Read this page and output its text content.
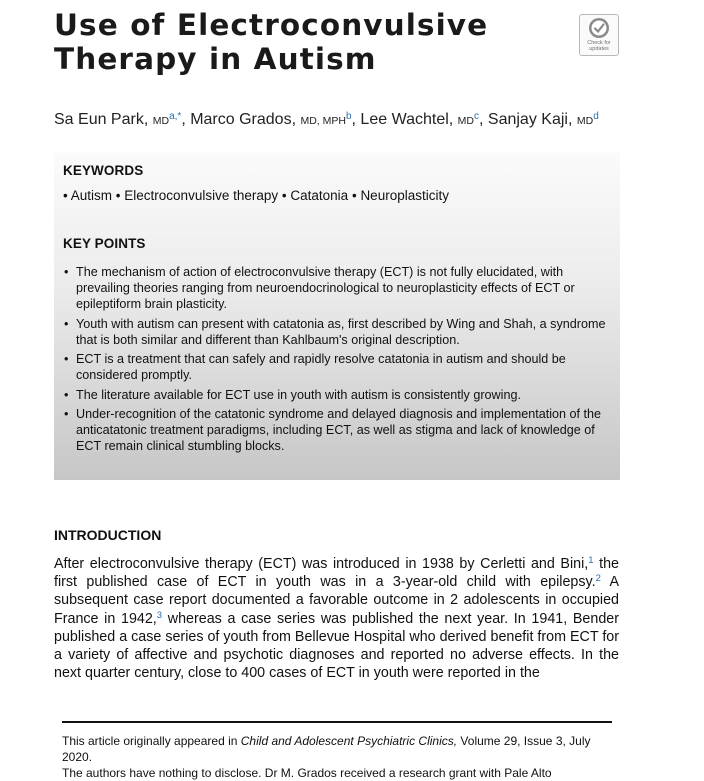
Use of Electroconvulsive
Therapy in Autism	Check for
updates
Sa Eun Park, $MD^{a,*}$, Marco Grados, MD, MPH$^b$, Lee Wachtel, $MD^c$, Sanjay Kaji, $MD^d$
KEYWORDS
• Autism • Electroconvulsive therapy • Catatonia • Neuroplasticity
KEY POINTS
• The mechanism of action of electroconvulsive therapy (ECT) is not fully elucidated, with prevailing theories ranging from neuroendocrinological to neuroplasticity effects of ECT or epileptiform brain plasticity.
• Youth with autism can present with catatonia as, first described by Wing and Shah, a syndrome that is both similar and different than Kahlbaum's original description.
• ECT is a treatment that can safely and rapidly resolve catatonia in autism and should be considered promptly.
• The literature available for ECT use in youth with autism is consistently growing.
• Under-recognition of the catatonic syndrome and delayed diagnosis and implementation of the anticatatonic treatment paradigms, including ECT, as well as stigma and lack of knowledge of ECT remain clinical stumbling blocks.
INTRODUCTION
After electroconvulsive therapy (ECT) was introduced in 1938 by Cerletti and Bini,$^1$ the first published case of ECT in youth was in a 3-year-old child with epilepsy.$^2$ A subsequent case report documented a favorable outcome in 2 adolescents in occupied France in 1942,$^3$ whereas a case series was published the next year. In 1941, Bender published a case series of youth from Bellevue Hospital who derived benefit from ECT for a variety of affective and psychotic diagnoses and reported no adverse effects. In the next quarter century, close to 400 cases of ECT in youth were reported in the
This article originally appeared in Child and Adolescent Psychiatric Clinics, Volume 29, Issue 3, July 2020.
The authors have nothing to disclose. Dr M. Grados received a research grant with Pale Alto
